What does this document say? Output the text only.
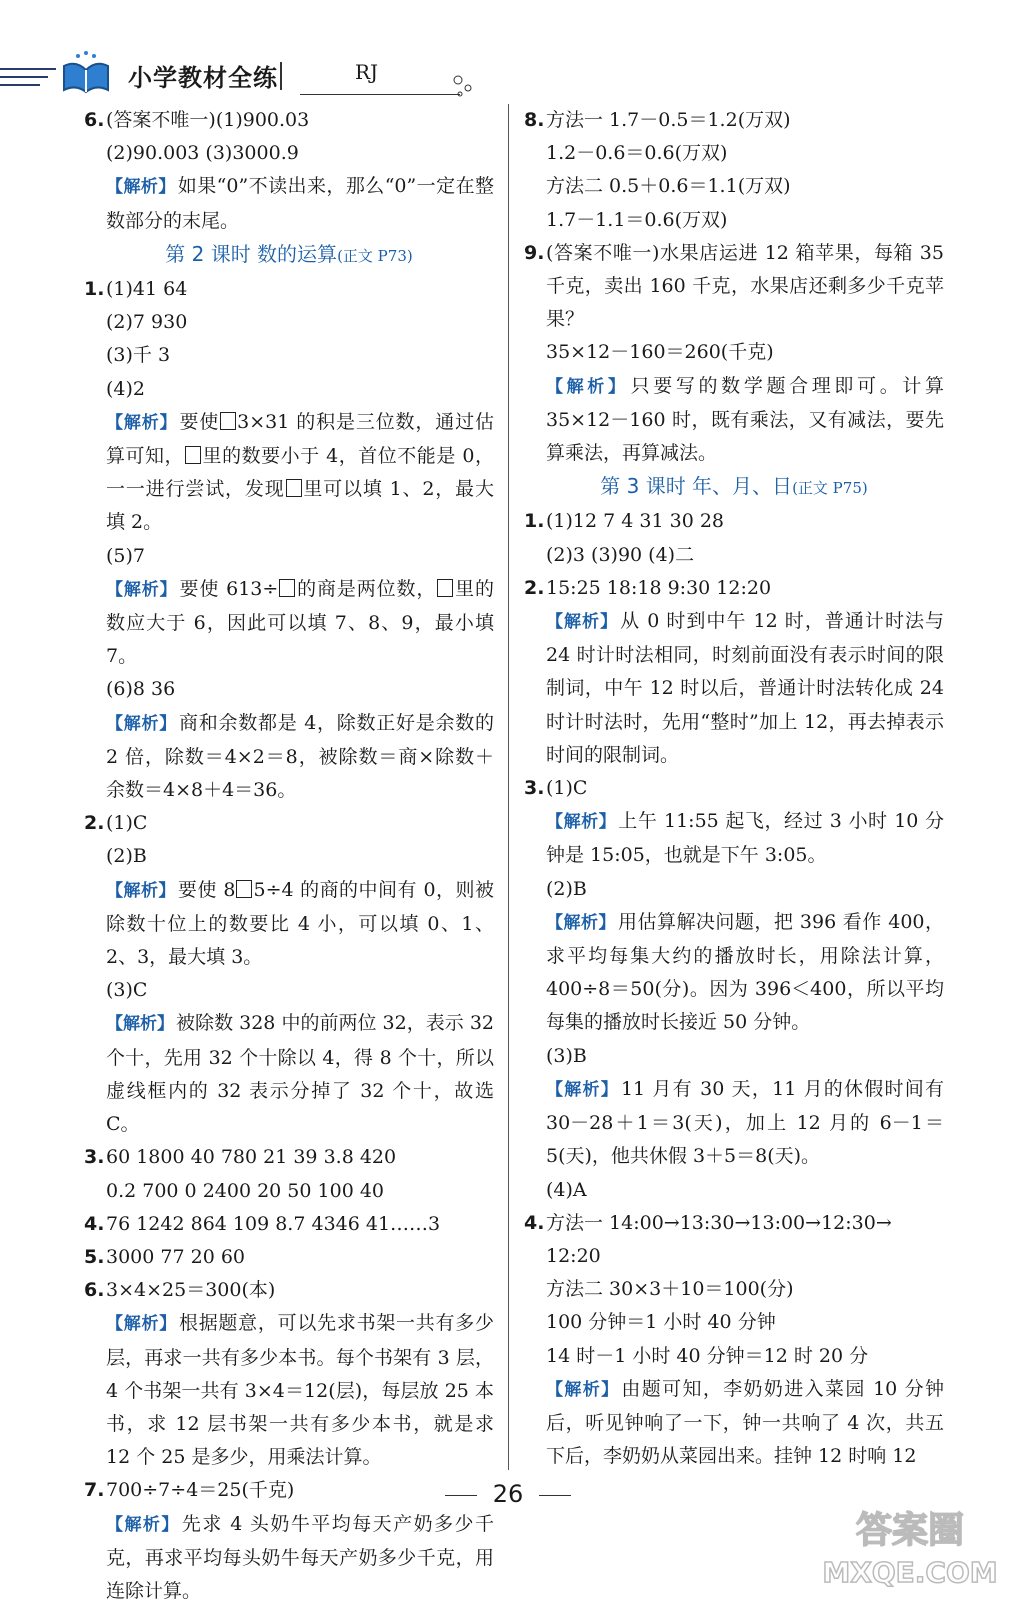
小学教材全练	RJ
6.(答案不唯一)(1)900.03
(2)90.003 (3)3000.9
【解析】 如果“0”不读出来，那么“0”一定在整数部分的末尾。
第 2 课时 数的运算(正文 P73)
1.(1)41 64
(2)7 930
(3)千 3
(4)2
【解析】 要使 3×31 的积是三位数，通过估算可知， 里的数要小于 4，首位不能是 0，一一进行尝试，发现 里可以填 1、2，最大填 2。
(5)7
【解析】 要使 613÷ 的商是两位数， 里的数应大于 6，因此可以填 7、8、9，最小填 7。
(6)8 36
【解析】 商和余数都是 4，除数正好是余数的 2 倍，除数＝4×2＝8，被除数＝商×除数＋余数＝4×8＋4＝36。
2.(1)C
(2)B
【解析】 要使 8 5÷4 的商的中间有 0，则被除数十位上的数要比 4 小，可以填 0、1、2、3，最大填 3。
(3)C
【解析】 被除数 328 中的前两位 32，表示 32 个十，先用 32 个十除以 4，得 8 个十，所以虚线框内的 32 表示分掉了 32 个十，故选 C。
3.60 1800 40 780 21 39 3.8 420
0.2 700 0 2400 20 50 100 40
4.76 1242 864 109 8.7 4346 41……3
5.3000 77 20 60
6.3×4×25＝300(本)
【解析】 根据题意，可以先求书架一共有多少层，再求一共有多少本书。每个书架有 3 层，4 个书架一共有 3×4＝12(层)，每层放 25 本书，求 12 层书架一共有多少本书，就是求 12 个 25 是多少，用乘法计算。
7.700÷7÷4＝25(千克)
【解析】 先求 4 头奶牛平均每天产奶多少千克，再求平均每头奶牛每天产奶多少千克，用连除计算。
8.方法一 1.7－0.5＝1.2(万双)
1.2－0.6＝0.6(万双)
方法二 0.5＋0.6＝1.1(万双)
1.7－1.1＝0.6(万双)
9.(答案不唯一)水果店运进 12 箱苹果，每箱 35 千克，卖出 160 千克，水果店还剩多少千克苹果？
35×12－160＝260(千克)
【解析】 只要写的数学题合理即可。计算 35×12－160 时，既有乘法，又有减法，要先算乘法，再算减法。
第 3 课时 年、月、日(正文 P75)
1.(1)12 7 4 31 30 28
(2)3 (3)90 (4)二
2.15:25 18:18 9:30 12:20
【解析】 从 0 时到中午 12 时，普通计时法与 24 时计时法相同，时刻前面没有表示时间的限制词，中午 12 时以后，普通计时法转化成 24 时计时法时，先用“整时”加上 12，再去掉表示时间的限制词。
3.(1)C
【解析】 上午 11:55 起飞，经过 3 小时 10 分钟是 15:05，也就是下午 3:05。
(2)B
【解析】 用估算解决问题，把 396 看作 400，求平均每集大约的播放时长，用除法计算，400÷8＝50(分)。因为 396＜400，所以平均每集的播放时长接近 50 分钟。
(3)B
【解析】 11 月有 30 天，11 月的休假时间有 30－28＋1＝3(天)，加上 12 月的 6－1＝5(天)，他共休假 3＋5＝8(天)。
(4)A
4.方法一 14:00→13:30→13:00→12:30→
12:20
方法二 30×3＋10＝100(分)
100 分钟＝1 小时 40 分钟
14 时－1 小时 40 分钟＝12 时 20 分
【解析】 由题可知，李奶奶进入菜园 10 分钟后，听见钟响了一下，钟一共响了 4 次，共五下后，李奶奶从菜园出来。挂钟 12 时响 12
26
答案圈
MXQE.COM
